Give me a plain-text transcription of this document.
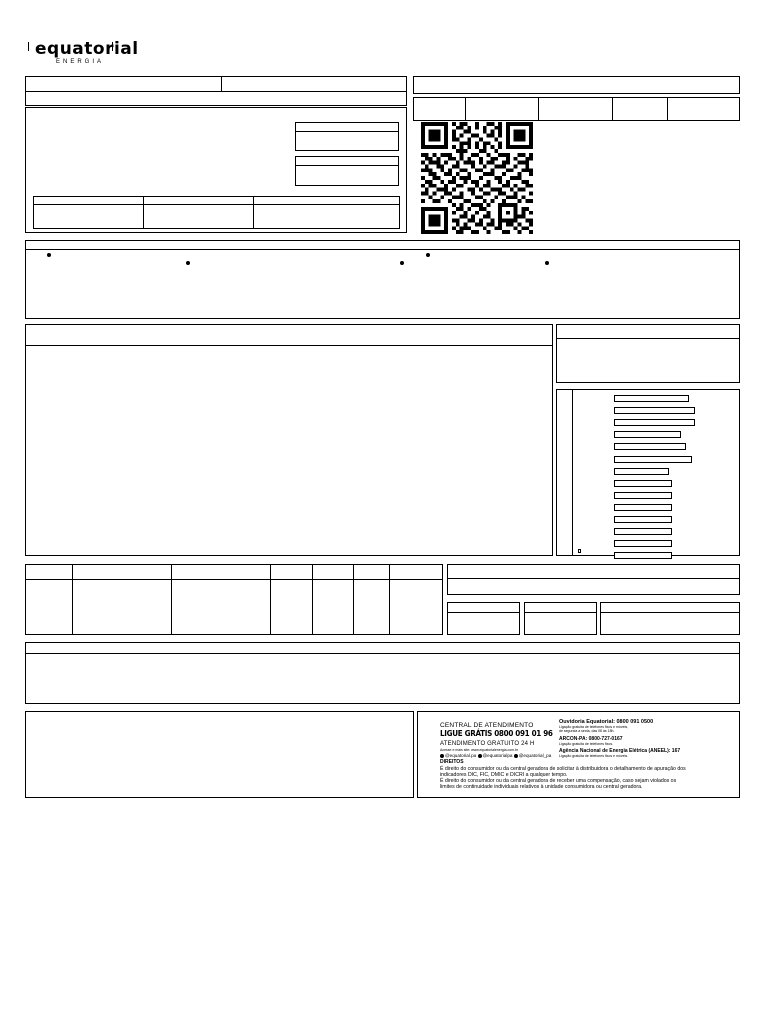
equatorial
ENERGIA
CENTRAL DE ATENDIMENTO
LIGUE GRÁTIS 0800 091 01 96
ATENDIMENTO GRATUITO 24 H
Acesse e mais site: www.equatorialenergia.com.br
@equatorial.pa @equatorialpa @equatorial_pa
Ouvidoria Equatorial: 0800 091 0500
Ligação gratuita de telefones fixos e móveis,
de segunda a sexta, das 08 às 18h.
ARCON-PA: 0800-727-0167
Ligação gratuita de telefones fixos.
Agência Nacional de Energia Elétrica (ANEEL): 167
Ligação gratuita de telefones fixos e móveis.
DIREITOS
É direito do consumidor ou da central geradora de solicitar à distribuidora o detalhamento de apuração dos
indicadores DIC, FIC, DMIC e DICRI a qualquer tempo.
É direito do consumidor ou da central geradora de receber uma compensação, caso sejam violados os
limites de continuidade individuais relativos à unidade consumidora ou central geradora.
